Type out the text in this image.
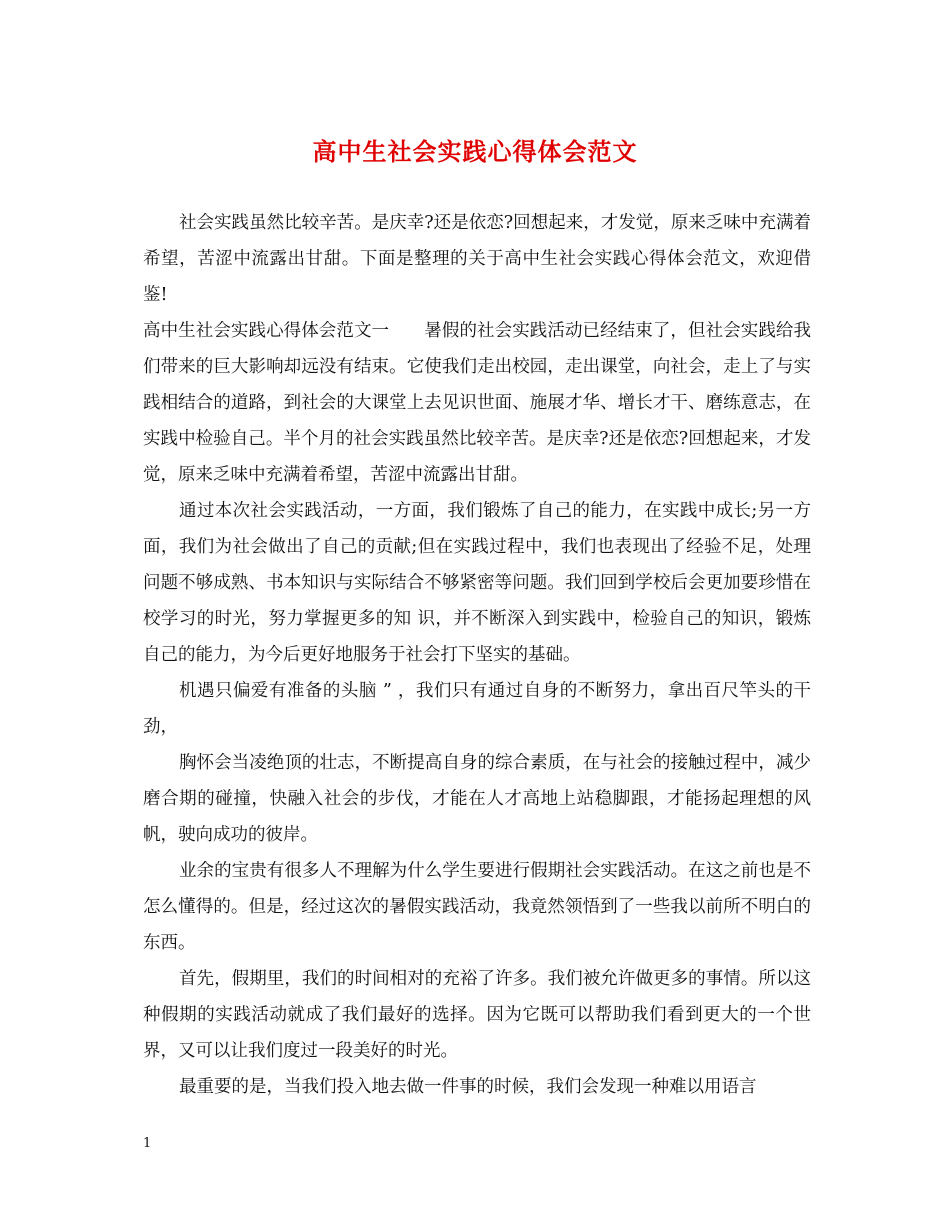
高中生社会实践心得体会范文

社会实践虽然比较辛苦。是庆幸?还是依恋?回想起来，才发觉，原来乏味中充满着希望，苦涩中流露出甘甜。下面是整理的关于高中生社会实践心得体会范文，欢迎借鉴!

高中生社会实践心得体会范文一　　暑假的社会实践活动已经结束了，但社会实践给我们带来的巨大影响却远没有结束。它使我们走出校园，走出课堂，向社会，走上了与实践相结合的道路，到社会的大课堂上去见识世面、施展才华、增长才干、磨练意志，在实践中检验自己。半个月的社会实践虽然比较辛苦。是庆幸?还是依恋?回想起来，才发觉，原来乏味中充满着希望，苦涩中流露出甘甜。

通过本次社会实践活动，一方面，我们锻炼了自己的能力，在实践中成长;另一方面，我们为社会做出了自己的贡献;但在实践过程中，我们也表现出了经验不足，处理问题不够成熟、书本知识与实际结合不够紧密等问题。我们回到学校后会更加要珍惜在校学习的时光，努力掌握更多的知 识，并不断深入到实践中，检验自己的知识，锻炼自己的能力，为今后更好地服务于社会打下坚实的基础。

机遇只偏爱有准备的头脑 ” ，我们只有通过自身的不断努力，拿出百尺竿头的干劲，

胸怀会当凌绝顶的壮志，不断提高自身的综合素质，在与社会的接触过程中，减少磨合期的碰撞，快融入社会的步伐，才能在人才高地上站稳脚跟，才能扬起理想的风帆，驶向成功的彼岸。

业余的宝贵有很多人不理解为什么学生要进行假期社会实践活动。在这之前也是不怎么懂得的。但是，经过这次的暑假实践活动，我竟然领悟到了一些我以前所不明白的东西。

首先，假期里，我们的时间相对的充裕了许多。我们被允许做更多的事情。所以这种假期的实践活动就成了我们最好的选择。因为它既可以帮助我们看到更大的一个世界，又可以让我们度过一段美好的时光。

最重要的是，当我们投入地去做一件事的时候，我们会发现一种难以用语言

1
